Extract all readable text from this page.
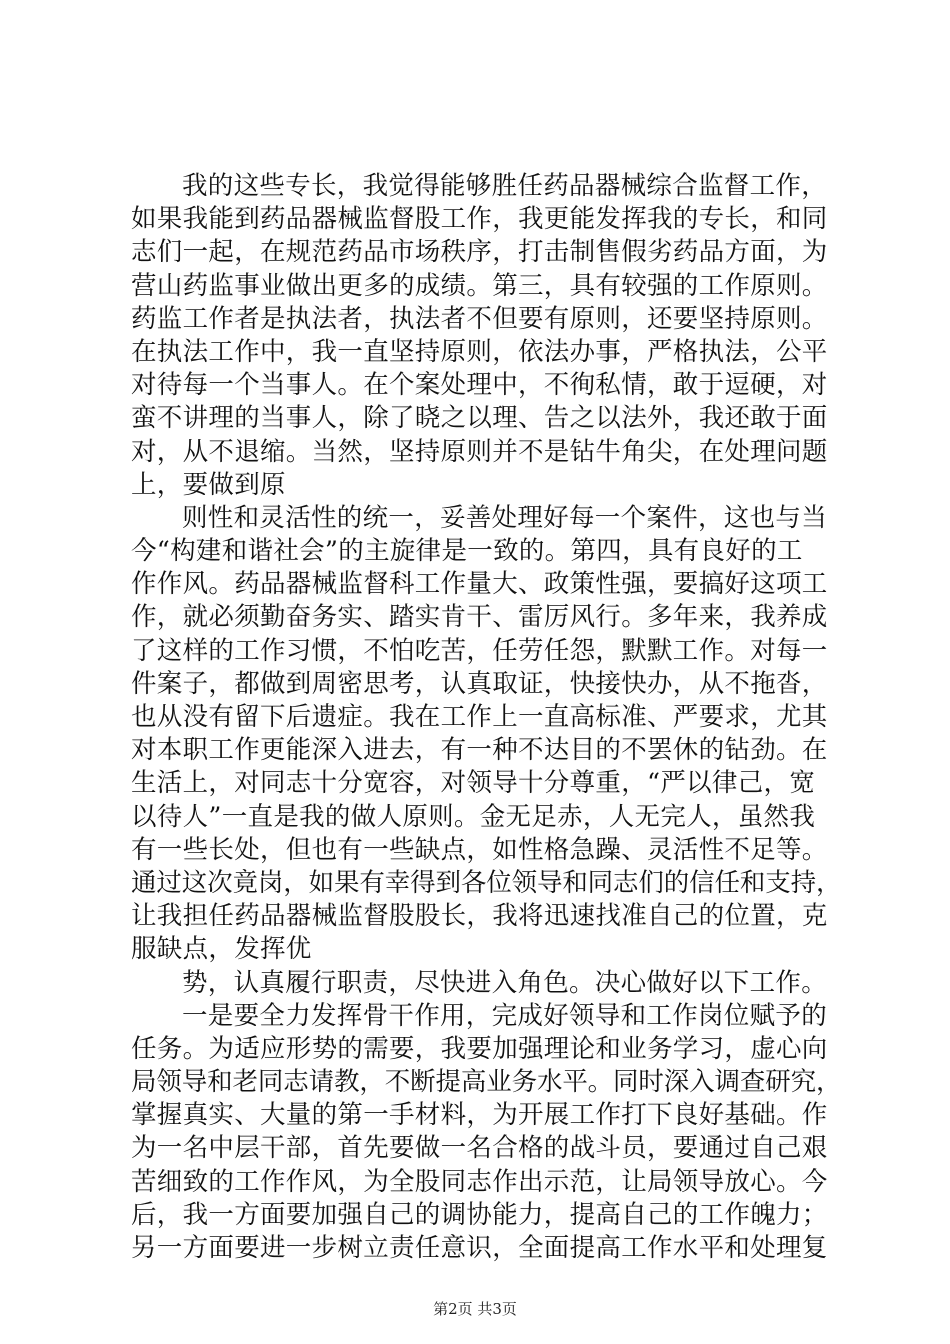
我的这些专长，我觉得能够胜任药品器械综合监督工作，
如果我能到药品器械监督股工作，我更能发挥我的专长，和同
志们一起，在规范药品市场秩序，打击制售假劣药品方面，为
营山药监事业做出更多的成绩。第三，具有较强的工作原则。
药监工作者是执法者，执法者不但要有原则，还要坚持原则。
在执法工作中，我一直坚持原则，依法办事，严格执法，公平
对待每一个当事人。在个案处理中，不徇私情，敢于逗硬，对
蛮不讲理的当事人，除了晓之以理、告之以法外，我还敢于面
对，从不退缩。当然，坚持原则并不是钻牛角尖，在处理问题
上，要做到原
则性和灵活性的统一，妥善处理好每一个案件，这也与当
今“构建和谐社会”的主旋律是一致的。第四，具有良好的工
作作风。药品器械监督科工作量大、政策性强，要搞好这项工
作，就必须勤奋务实、踏实肯干、雷厉风行。多年来，我养成
了这样的工作习惯，不怕吃苦，任劳任怨，默默工作。对每一
件案子，都做到周密思考，认真取证，快接快办，从不拖沓，
也从没有留下后遗症。我在工作上一直高标准、严要求，尤其
对本职工作更能深入进去，有一种不达目的不罢休的钻劲。在
生活上，对同志十分宽容，对领导十分尊重，“严以律己，宽
以待人”一直是我的做人原则。金无足赤，人无完人，虽然我
有一些长处，但也有一些缺点，如性格急躁、灵活性不足等。
通过这次竟岗，如果有幸得到各位领导和同志们的信任和支持，
让我担任药品器械监督股股长，我将迅速找准自己的位置，克
服缺点，发挥优
势，认真履行职责，尽快进入角色。决心做好以下工作。
一是要全力发挥骨干作用，完成好领导和工作岗位赋予的
任务。为适应形势的需要，我要加强理论和业务学习，虚心向
局领导和老同志请教，不断提高业务水平。同时深入调查研究，
掌握真实、大量的第一手材料，为开展工作打下良好基础。作
为一名中层干部，首先要做一名合格的战斗员，要通过自己艰
苦细致的工作作风，为全股同志作出示范，让局领导放心。今
后，我一方面要加强自己的调协能力，提高自己的工作魄力；
另一方面要进一步树立责任意识，全面提高工作水平和处理复
第2页 共3页
